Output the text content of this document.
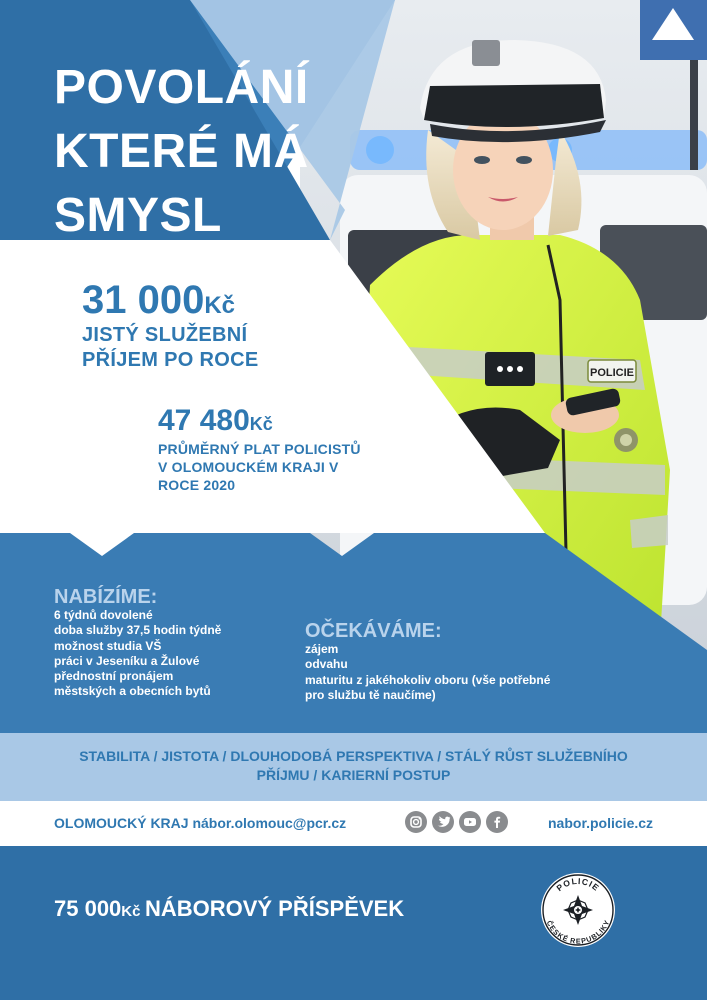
POLICIE
POVOLÁNÍ
KTERÉ MÁ
SMYSL
31 000Kč
JISTÝ SLUŽEBNÍ
PŘÍJEM PO ROCE
47 480Kč
PRŮMĚRNÝ PLAT POLICISTŮ
V OLOMOUCKÉM KRAJI V
ROCE 2020
NABÍZÍME:
6 týdnů dovolené
doba služby 37,5 hodin týdně
možnost studia VŠ
práci v Jeseníku a Žulové
přednostní pronájem
městských a obecních bytů
OČEKÁVÁME:
zájem
odvahu
maturitu z jakéhokoliv oboru (vše potřebné
pro službu tě naučíme)
STABILITA / JISTOTA / DLOUHODOBÁ PERSPEKTIVA / STÁLÝ RŮST SLUŽEBNÍHO
PŘÍJMU / KARIERNÍ POSTUP
OLOMOUCKÝ KRAJ nábor.olomouc@pcr.cz	nabor.policie.cz
75 000Kč NÁBOROVÝ PŘÍSPĚVEK
POLICIE
ČESKÉ REPUBLIKY
